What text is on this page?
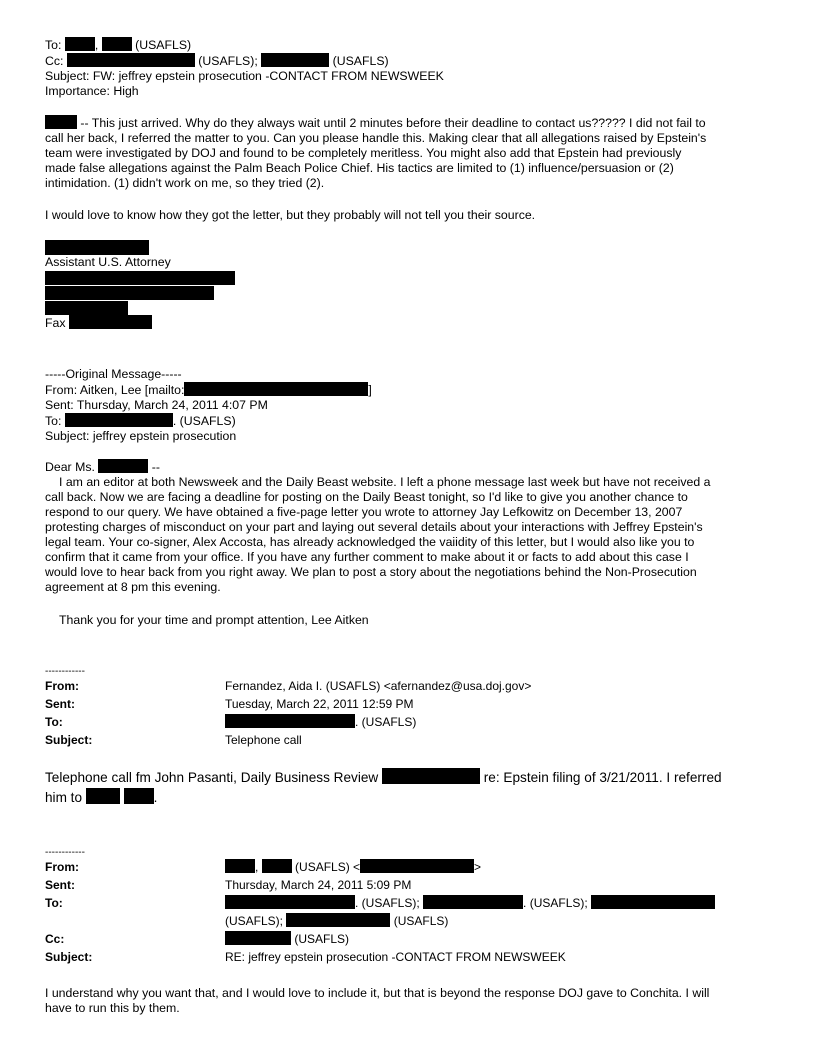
To:	,	(USAFLS)
Cc:	(USAFLS);	(USAFLS)
Subject: FW: jeffrey epstein prosecution -CONTACT FROM NEWSWEEK
Importance: High
-- This just arrived. Why do they always wait until 2 minutes before their deadline to contact us????? I did not fail to
call her back, I referred the matter to you. Can you please handle this. Making clear that all allegations raised by Epstein's
team were investigated by DOJ and found to be completely meritless. You might also add that Epstein had previously
made false allegations against the Palm Beach Police Chief. His tactics are limited to (1) influence/persuasion or (2)
intimidation. (1) didn't work on me, so they tried (2).
I would love to know how they got the letter, but they probably will not tell you their source.
Assistant U.S. Attorney
Fax
-----Original Message-----
From: Aitken, Lee [mailto:	]
Sent: Thursday, March 24, 2011 4:07 PM
To:	. (USAFLS)
Subject: jeffrey epstein prosecution
Dear Ms.	--
I am an editor at both Newsweek and the Daily Beast website. I left a phone message last week but have not received a
call back. Now we are facing a deadline for posting on the Daily Beast tonight, so I'd like to give you another chance to
respond to our query. We have obtained a five-page letter you wrote to attorney Jay Lefkowitz on December 13, 2007
protesting charges of misconduct on your part and laying out several details about your interactions with Jeffrey Epstein's
legal team. Your co-signer, Alex Accosta, has already acknowledged the vaiidity of this letter, but I would also like you to
confirm that it came from your office. If you have any further comment to make about it or facts to add about this case I
would love to hear back from you right away. We plan to post a story about the negotiations behind the Non-Prosecution
agreement at 8 pm this evening.
Thank you for your time and prompt attention, Lee Aitken
------------
From:	Fernandez, Aida I. (USAFLS) <afernandez@usa.doj.gov>
Sent:	Tuesday, March 22, 2011 12:59 PM
To:	. (USAFLS)
Subject:	Telephone call
Telephone call fm John Pasanti, Daily Business Review	re: Epstein filing of 3/21/2011. I referred
him to	.
------------
From:	,	(USAFLS) <	>
Sent:	Thursday, March 24, 2011 5:09 PM
To:	. (USAFLS);	. (USAFLS);
(USAFLS);	(USAFLS)
Cc:	(USAFLS)
Subject:	RE: jeffrey epstein prosecution -CONTACT FROM NEWSWEEK
I understand why you want that, and I would love to include it, but that is beyond the response DOJ gave to Conchita. I will
have to run this by them.
